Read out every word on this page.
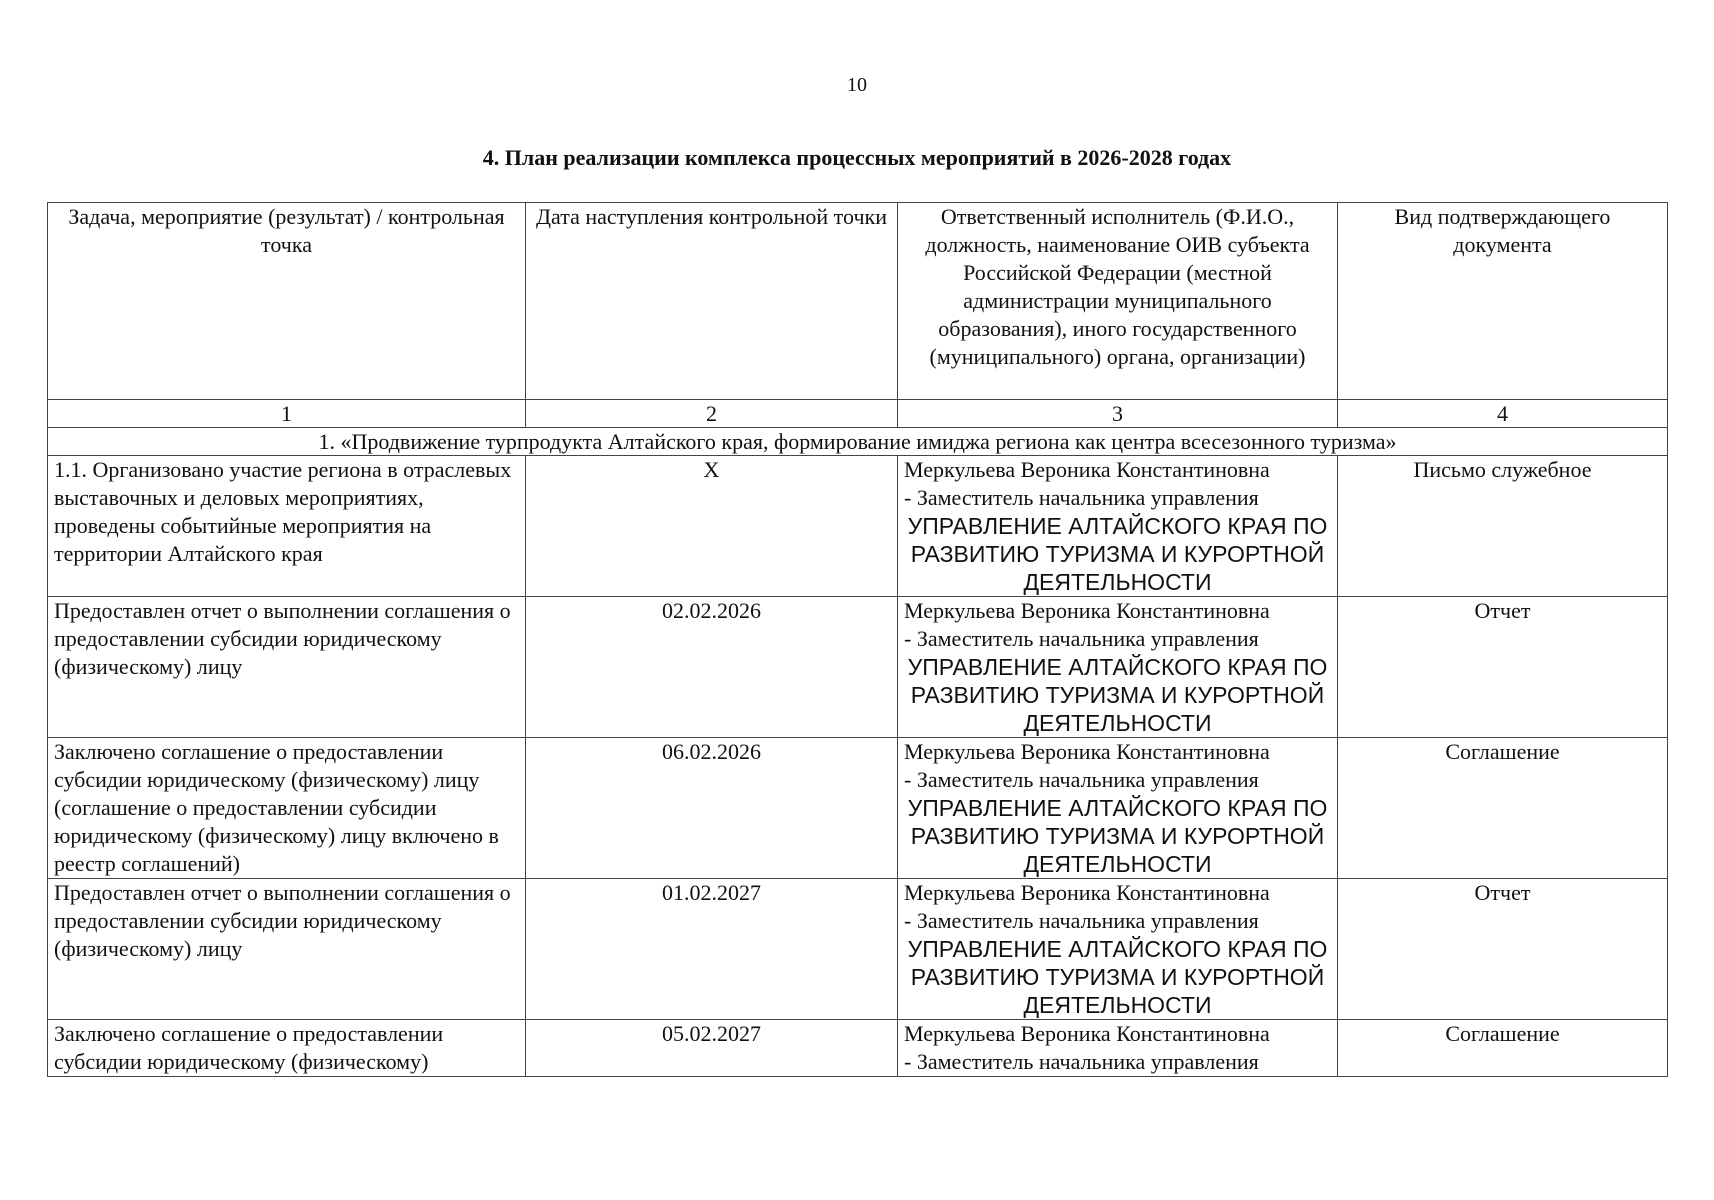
10
4. План реализации комплекса процессных мероприятий в 2026-2028 годах
Задача, мероприятие (результат) / контрольная точка	Дата наступления контрольной точки	Ответственный исполнитель (Ф.И.О., должность, наименование ОИВ субъекта Российской Федерации (местной администрации муниципального образования), иного государственного (муниципального) органа, организации)	Вид подтверждающего документа

1	2	3	4
1. «Продвижение турпродукта Алтайского края, формирование имиджа региона как центра всесезонного туризма»			
1.1. Организовано участие региона в отраслевых выставочных и деловых мероприятиях, проведены событийные мероприятия на территории Алтайского края	X	Меркульева Вероника Константиновна
- Заместитель начальника управления
УПРАВЛЕНИЕ АЛТАЙСКОГО КРАЯ ПО РАЗВИТИЮ ТУРИЗМА И КУРОРТНОЙ ДЕЯТЕЛЬНОСТИ	Письмо служебное
Предоставлен отчет о выполнении соглашения о предоставлении субсидии юридическому (физическому) лицу	02.02.2026	Меркульева Вероника Константиновна
- Заместитель начальника управления
УПРАВЛЕНИЕ АЛТАЙСКОГО КРАЯ ПО РАЗВИТИЮ ТУРИЗМА И КУРОРТНОЙ ДЕЯТЕЛЬНОСТИ	Отчет
Заключено соглашение о предоставлении субсидии юридическому (физическому) лицу (соглашение о предоставлении субсидии юридическому (физическому) лицу включено в реестр соглашений)	06.02.2026	Меркульева Вероника Константиновна
- Заместитель начальника управления
УПРАВЛЕНИЕ АЛТАЙСКОГО КРАЯ ПО РАЗВИТИЮ ТУРИЗМА И КУРОРТНОЙ ДЕЯТЕЛЬНОСТИ	Соглашение
Предоставлен отчет о выполнении соглашения о предоставлении субсидии юридическому (физическому) лицу	01.02.2027	Меркульева Вероника Константиновна
- Заместитель начальника управления
УПРАВЛЕНИЕ АЛТАЙСКОГО КРАЯ ПО РАЗВИТИЮ ТУРИЗМА И КУРОРТНОЙ ДЕЯТЕЛЬНОСТИ	Отчет
Заключено соглашение о предоставлении субсидии юридическому (физическому)	05.02.2027	Меркульева Вероника Константиновна
- Заместитель начальника управления	Соглашение
